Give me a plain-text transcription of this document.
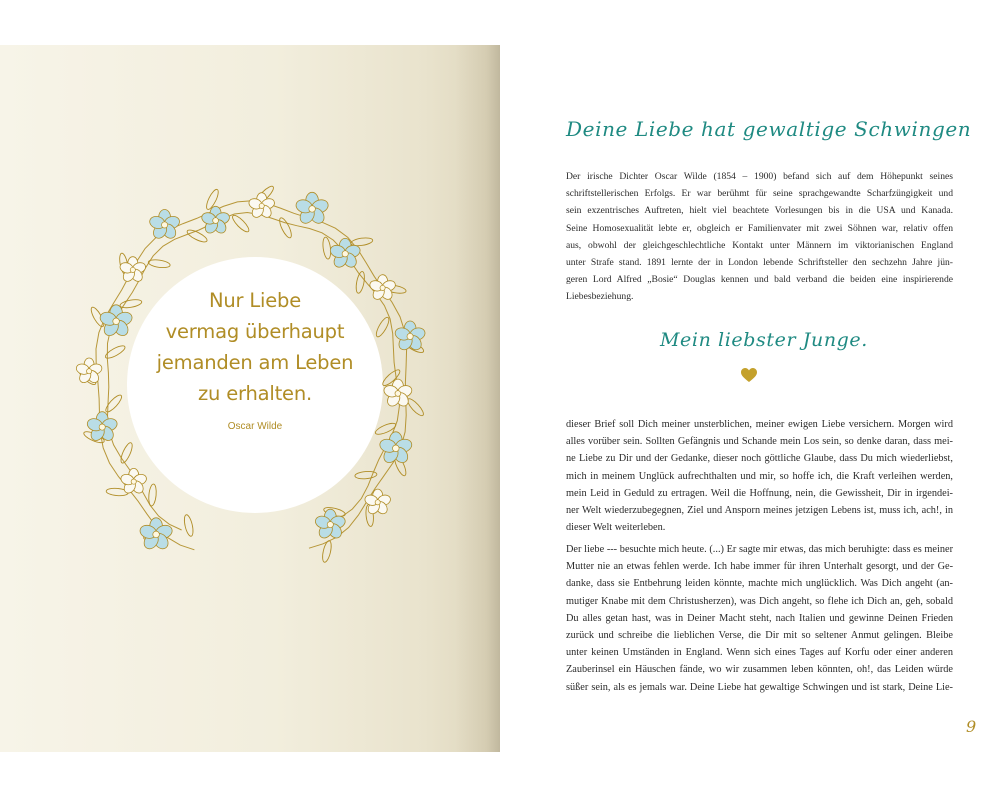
Nur Liebe
vermag überhaupt
jemanden am Leben
zu erhalten.
Oscar Wilde
Deine Liebe hat gewaltige Schwingen
Der irische Dichter Oscar Wilde (1854 – 1900) befand sich auf dem Höhepunkt seines
schriftstellerischen Erfolgs. Er war berühmt für seine sprachgewandte Scharfzüngigkeit und
sein exzentrisches Auftreten, hielt viel beachtete Vorlesungen bis in die USA und Kanada.
Seine Homosexualität lebte er, obgleich er Familienvater mit zwei Söhnen war, relativ offen
aus, obwohl der gleichgeschlechtliche Kontakt unter Männern im viktorianischen England
unter Strafe stand. 1891 lernte der in London lebende Schriftsteller den sechzehn Jahre jün-
geren Lord Alfred „Bosie“ Douglas kennen und bald verband die beiden eine inspirierende
Liebesbeziehung.
Mein liebster Junge.
dieser Brief soll Dich meiner unsterblichen, meiner ewigen Liebe versichern. Morgen wird
alles vorüber sein. Sollten Gefängnis und Schande mein Los sein, so denke daran, dass mei-
ne Liebe zu Dir und der Gedanke, dieser noch göttliche Glaube, dass Du mich wiederliebst,
mich in meinem Unglück aufrechthalten und mir, so hoffe ich, die Kraft verleihen werden,
mein Leid in Geduld zu ertragen. Weil die Hoffnung, nein, die Gewissheit, Dir in irgendei-
ner Welt wiederzubegegnen, Ziel und Ansporn meines jetzigen Lebens ist, muss ich, ach!, in
dieser Welt weiterleben.
Der liebe --- besuchte mich heute. (...) Er sagte mir etwas, das mich beruhigte: dass es meiner
Mutter nie an etwas fehlen werde. Ich habe immer für ihren Unterhalt gesorgt, und der Ge-
danke, dass sie Entbehrung leiden könnte, machte mich unglücklich. Was Dich angeht (an-
mutiger Knabe mit dem Christusherzen), was Dich angeht, so flehe ich Dich an, geh, sobald
Du alles getan hast, was in Deiner Macht steht, nach Italien und gewinne Deinen Frieden
zurück und schreibe die lieblichen Verse, die Dir mit so seltener Anmut gelingen. Bleibe
unter keinen Umständen in England. Wenn sich eines Tages auf Korfu oder einer anderen
Zauberinsel ein Häuschen fände, wo wir zusammen leben könnten, oh!, das Leiden würde
süßer sein, als es jemals war. Deine Liebe hat gewaltige Schwingen und ist stark, Deine Lie-
9
